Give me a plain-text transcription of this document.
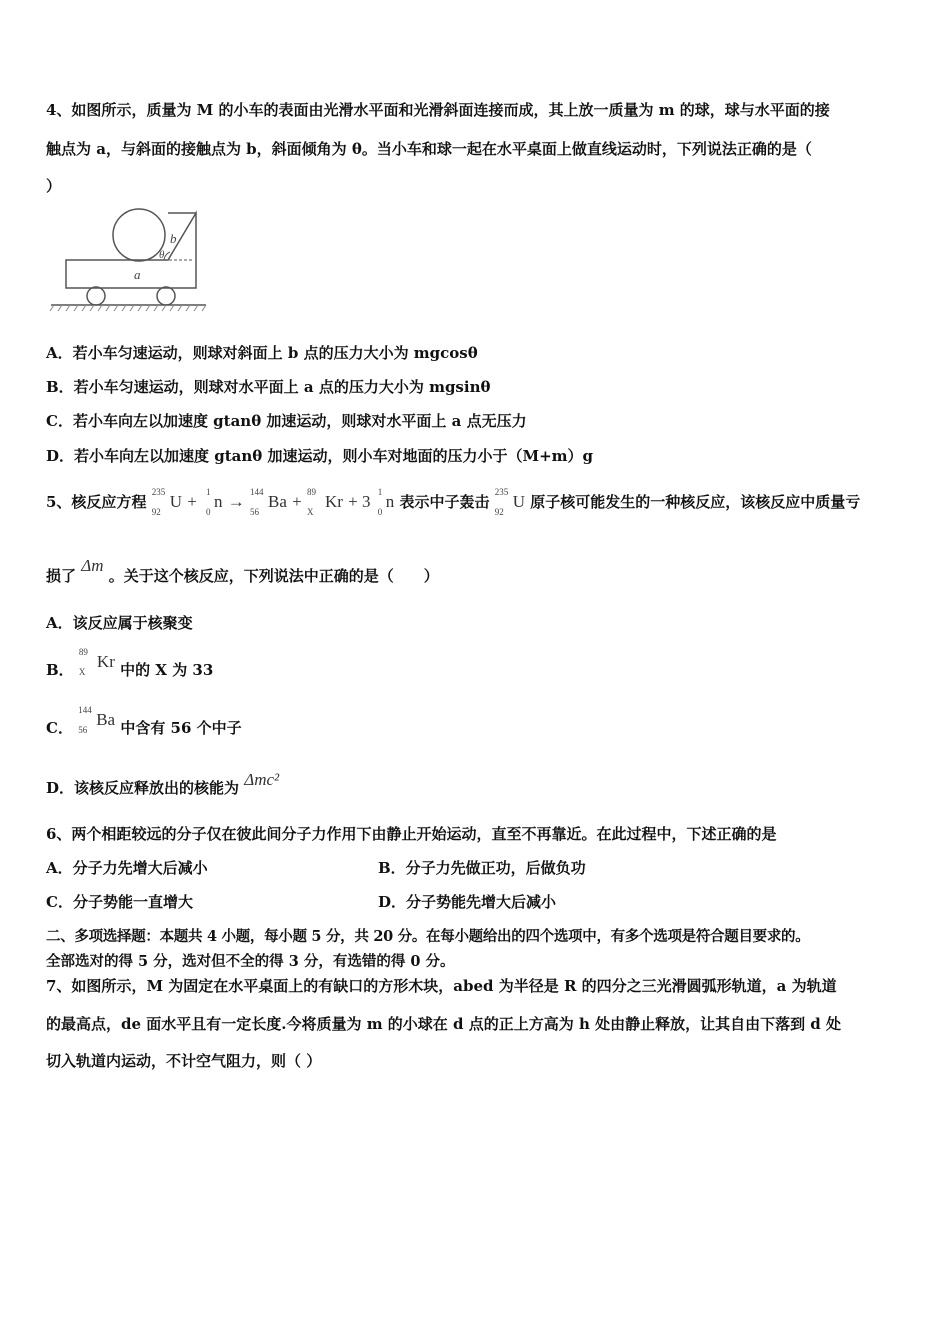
4、如图所示，质量为 M 的小车的表面由光滑水平面和光滑斜面连接而成，其上放一质量为 m 的球，球与水平面的接
触点为 a，与斜面的接触点为 b，斜面倾角为 θ。当小车和球一起在水平桌面上做直线运动时，下列说法正确的是（
）
a
b
θ
A．若小车匀速运动，则球对斜面上 b 点的压力大小为 mgcosθ
B．若小车匀速运动，则球对水平面上 a 点的压力大小为 mgsinθ
C．若小车向左以加速度 gtanθ 加速运动，则球对水平面上 a 点无压力
D．若小车向左以加速度 gtanθ 加速运动，则小车对地面的压力小于（M+m）g
5、核反应方程
235
92
U + 1
0
n → 144
56
Ba + 89
X
Kr + 3 1
0
n 表示中子轰击
235
92
U 原子核可能发生的一种核反应，该核反应中质量亏
损了 Δm 。关于这个核反应，下列说法中正确的是（　　）
A．该反应属于核聚变
B．
89
X
Kr 中的 X 为 33
C．
144
56
Ba 中含有 56 个中子
D．该核反应释放出的核能为 Δmc²
6、两个相距较远的分子仅在彼此间分子力作用下由静止开始运动，直至不再靠近。在此过程中，下述正确的是
A．分子力先增大后减小	B．分子力先做正功，后做负功
C．分子势能一直增大	D．分子势能先增大后减小
二、多项选择题：本题共 4 小题，每小题 5 分，共 20 分。在每小题给出的四个选项中，有多个选项是符合题目要求的。
全部选对的得 5 分，选对但不全的得 3 分，有选错的得 0 分。
7、如图所示，M 为固定在水平桌面上的有缺口的方形木块，abed 为半径是 R 的四分之三光滑圆弧形轨道，a 为轨道
的最高点，de 面水平且有一定长度.今将质量为 m 的小球在 d 点的正上方高为 h 处由静止释放，让其自由下落到 d 处
切入轨道内运动，不计空气阻力，则（ ）
